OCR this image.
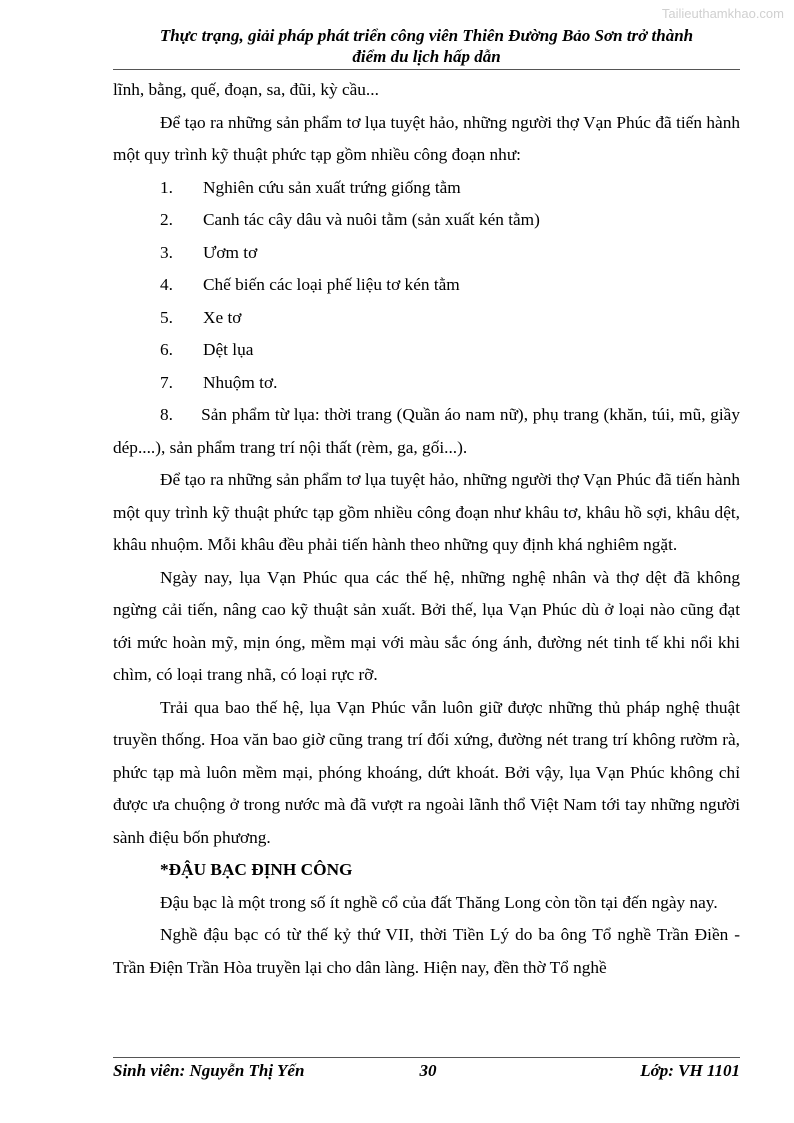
Tailieuthamkhao.com
Thực trạng, giải pháp phát triển công viên Thiên Đường Bảo Sơn trở thành
điểm du lịch hấp dẫn

lĩnh, bằng, quế, đoạn, sa, đũi, kỳ cầu...

Để tạo ra những sản phẩm tơ lụa tuyệt hảo, những người thợ Vạn Phúc đã tiến hành một quy trình kỹ thuật phức tạp gồm nhiều công đoạn như:

1. Nghiên cứu sản xuất trứng giống tằm
2. Canh tác cây dâu và nuôi tằm (sản xuất kén tằm)
3. Ươm tơ
4. Chế biến các loại phế liệu tơ kén tằm
5. Xe tơ
6. Dệt lụa
7. Nhuộm tơ.

8. Sản phẩm từ lụa: thời trang (Quần áo nam nữ), phụ trang (khăn, túi, mũ, giầy dép....), sản phẩm trang trí nội thất (rèm, ga, gối...).

Để tạo ra những sản phẩm tơ lụa tuyệt hảo, những người thợ Vạn Phúc đã tiến hành một quy trình kỹ thuật phức tạp gồm nhiều công đoạn như khâu tơ, khâu hồ sợi, khâu dệt, khâu nhuộm. Mỗi khâu đều phải tiến hành theo những quy định khá nghiêm ngặt.

Ngày nay, lụa Vạn Phúc qua các thế hệ, những nghệ nhân và thợ dệt đã không ngừng cải tiến, nâng cao kỹ thuật sản xuất. Bởi thế, lụa Vạn Phúc dù ở loại nào cũng đạt tới mức hoàn mỹ, mịn óng, mềm mại với màu sắc óng ánh, đường nét tinh tế khi nổi khi chìm, có loại trang nhã, có loại rực rỡ.

Trải qua bao thế hệ, lụa Vạn Phúc vẫn luôn giữ được những thủ pháp nghệ thuật truyền thống. Hoa văn bao giờ cũng trang trí đối xứng, đường nét trang trí không rườm rà, phức tạp mà luôn mềm mại, phóng khoáng, dứt khoát. Bởi vậy, lụa Vạn Phúc không chỉ được ưa chuộng ở trong nước mà đã vượt ra ngoài lãnh thổ Việt Nam tới tay những người sành điệu bốn phương.

*ĐẬU BẠC ĐỊNH CÔNG

Đậu bạc là một trong số ít nghề cổ của đất Thăng Long còn tồn tại đến ngày nay.

Nghề đậu bạc có từ thế kỷ thứ VII, thời Tiền Lý do ba ông Tổ nghề Trần Điền - Trần Điện Trần Hòa truyền lại cho dân làng. Hiện nay, đền thờ Tổ nghề

Sinh viên: Nguyễn Thị Yến	30	Lớp: VH 1101
